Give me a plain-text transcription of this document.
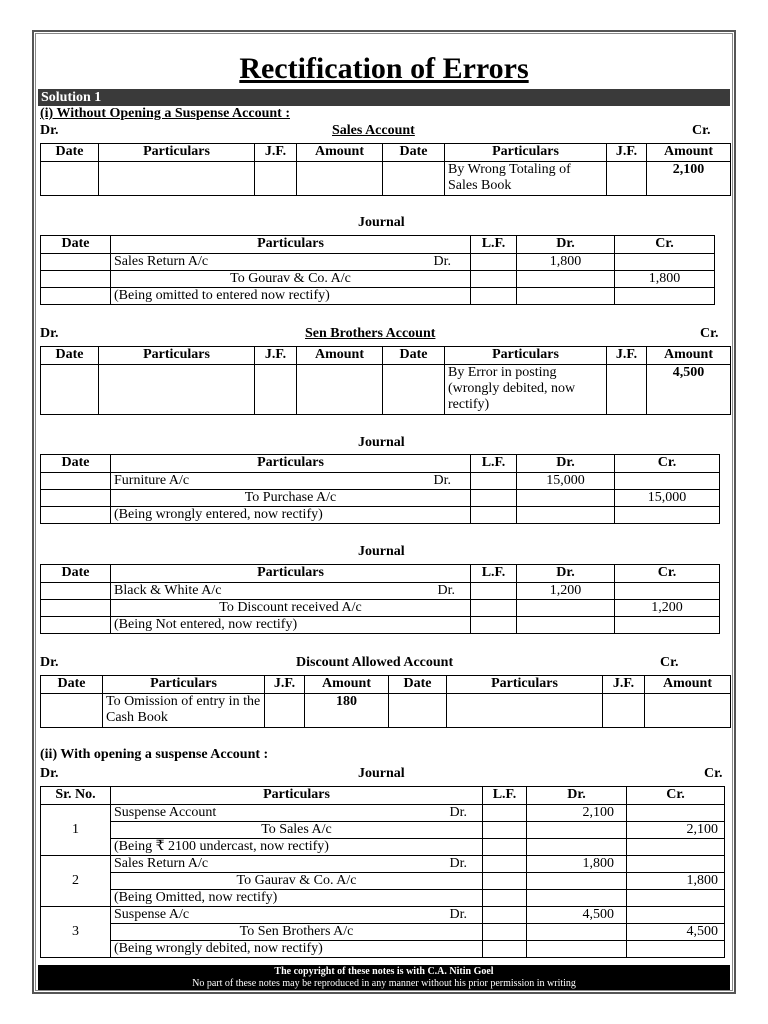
Rectification of Errors
Solution 1
(i) Without Opening a Suspense Account :
Dr.	Sales Account	Cr.
Date	Particulars	J.F.	Amount	Date	Particulars	J.F.	Amount
					By Wrong Totaling of Sales Book		2,100
Journal
Date	Particulars	L.F.	Dr.	Cr.
	Sales Return A/c Dr.		1,800	
	To Gourav & Co. A/c			1,800
	(Being omitted to entered now rectify)			
Dr.	Sen Brothers Account	Cr.
Date	Particulars	J.F.	Amount	Date	Particulars	J.F.	Amount
					By Error in posting (wrongly debited, now rectify)		4,500
Journal
Date	Particulars	L.F.	Dr.	Cr.
	Furniture A/c Dr.		15,000	
	To Purchase A/c			15,000
	(Being wrongly entered, now rectify)			
Journal
Date	Particulars	L.F.	Dr.	Cr.
	Black & White A/c Dr.		1,200	
	To Discount received A/c			1,200
	(Being Not entered, now rectify)			
Dr.	Discount Allowed Account	Cr.
Date	Particulars	J.F.	Amount	Date	Particulars	J.F.	Amount
	To Omission of entry in the Cash Book		180				
(ii) With opening a suspense Account :
Dr.	Journal	Cr.
Sr. No.	Particulars	L.F.	Dr.	Cr.
1	Suspense Account Dr.		2,100	
	To Sales A/c			2,100
	(Being ₹ 2100 undercast, now rectify)			
2	Sales Return A/c Dr.		1,800	
	To Gaurav & Co. A/c			1,800
	(Being Omitted, now rectify)			
3	Suspense A/c Dr.		4,500	
	To Sen Brothers A/c			4,500
	(Being wrongly debited, now rectify)			
The copyright of these notes is with C.A. Nitin Goel
No part of these notes may be reproduced in any manner without his prior permission in writing
